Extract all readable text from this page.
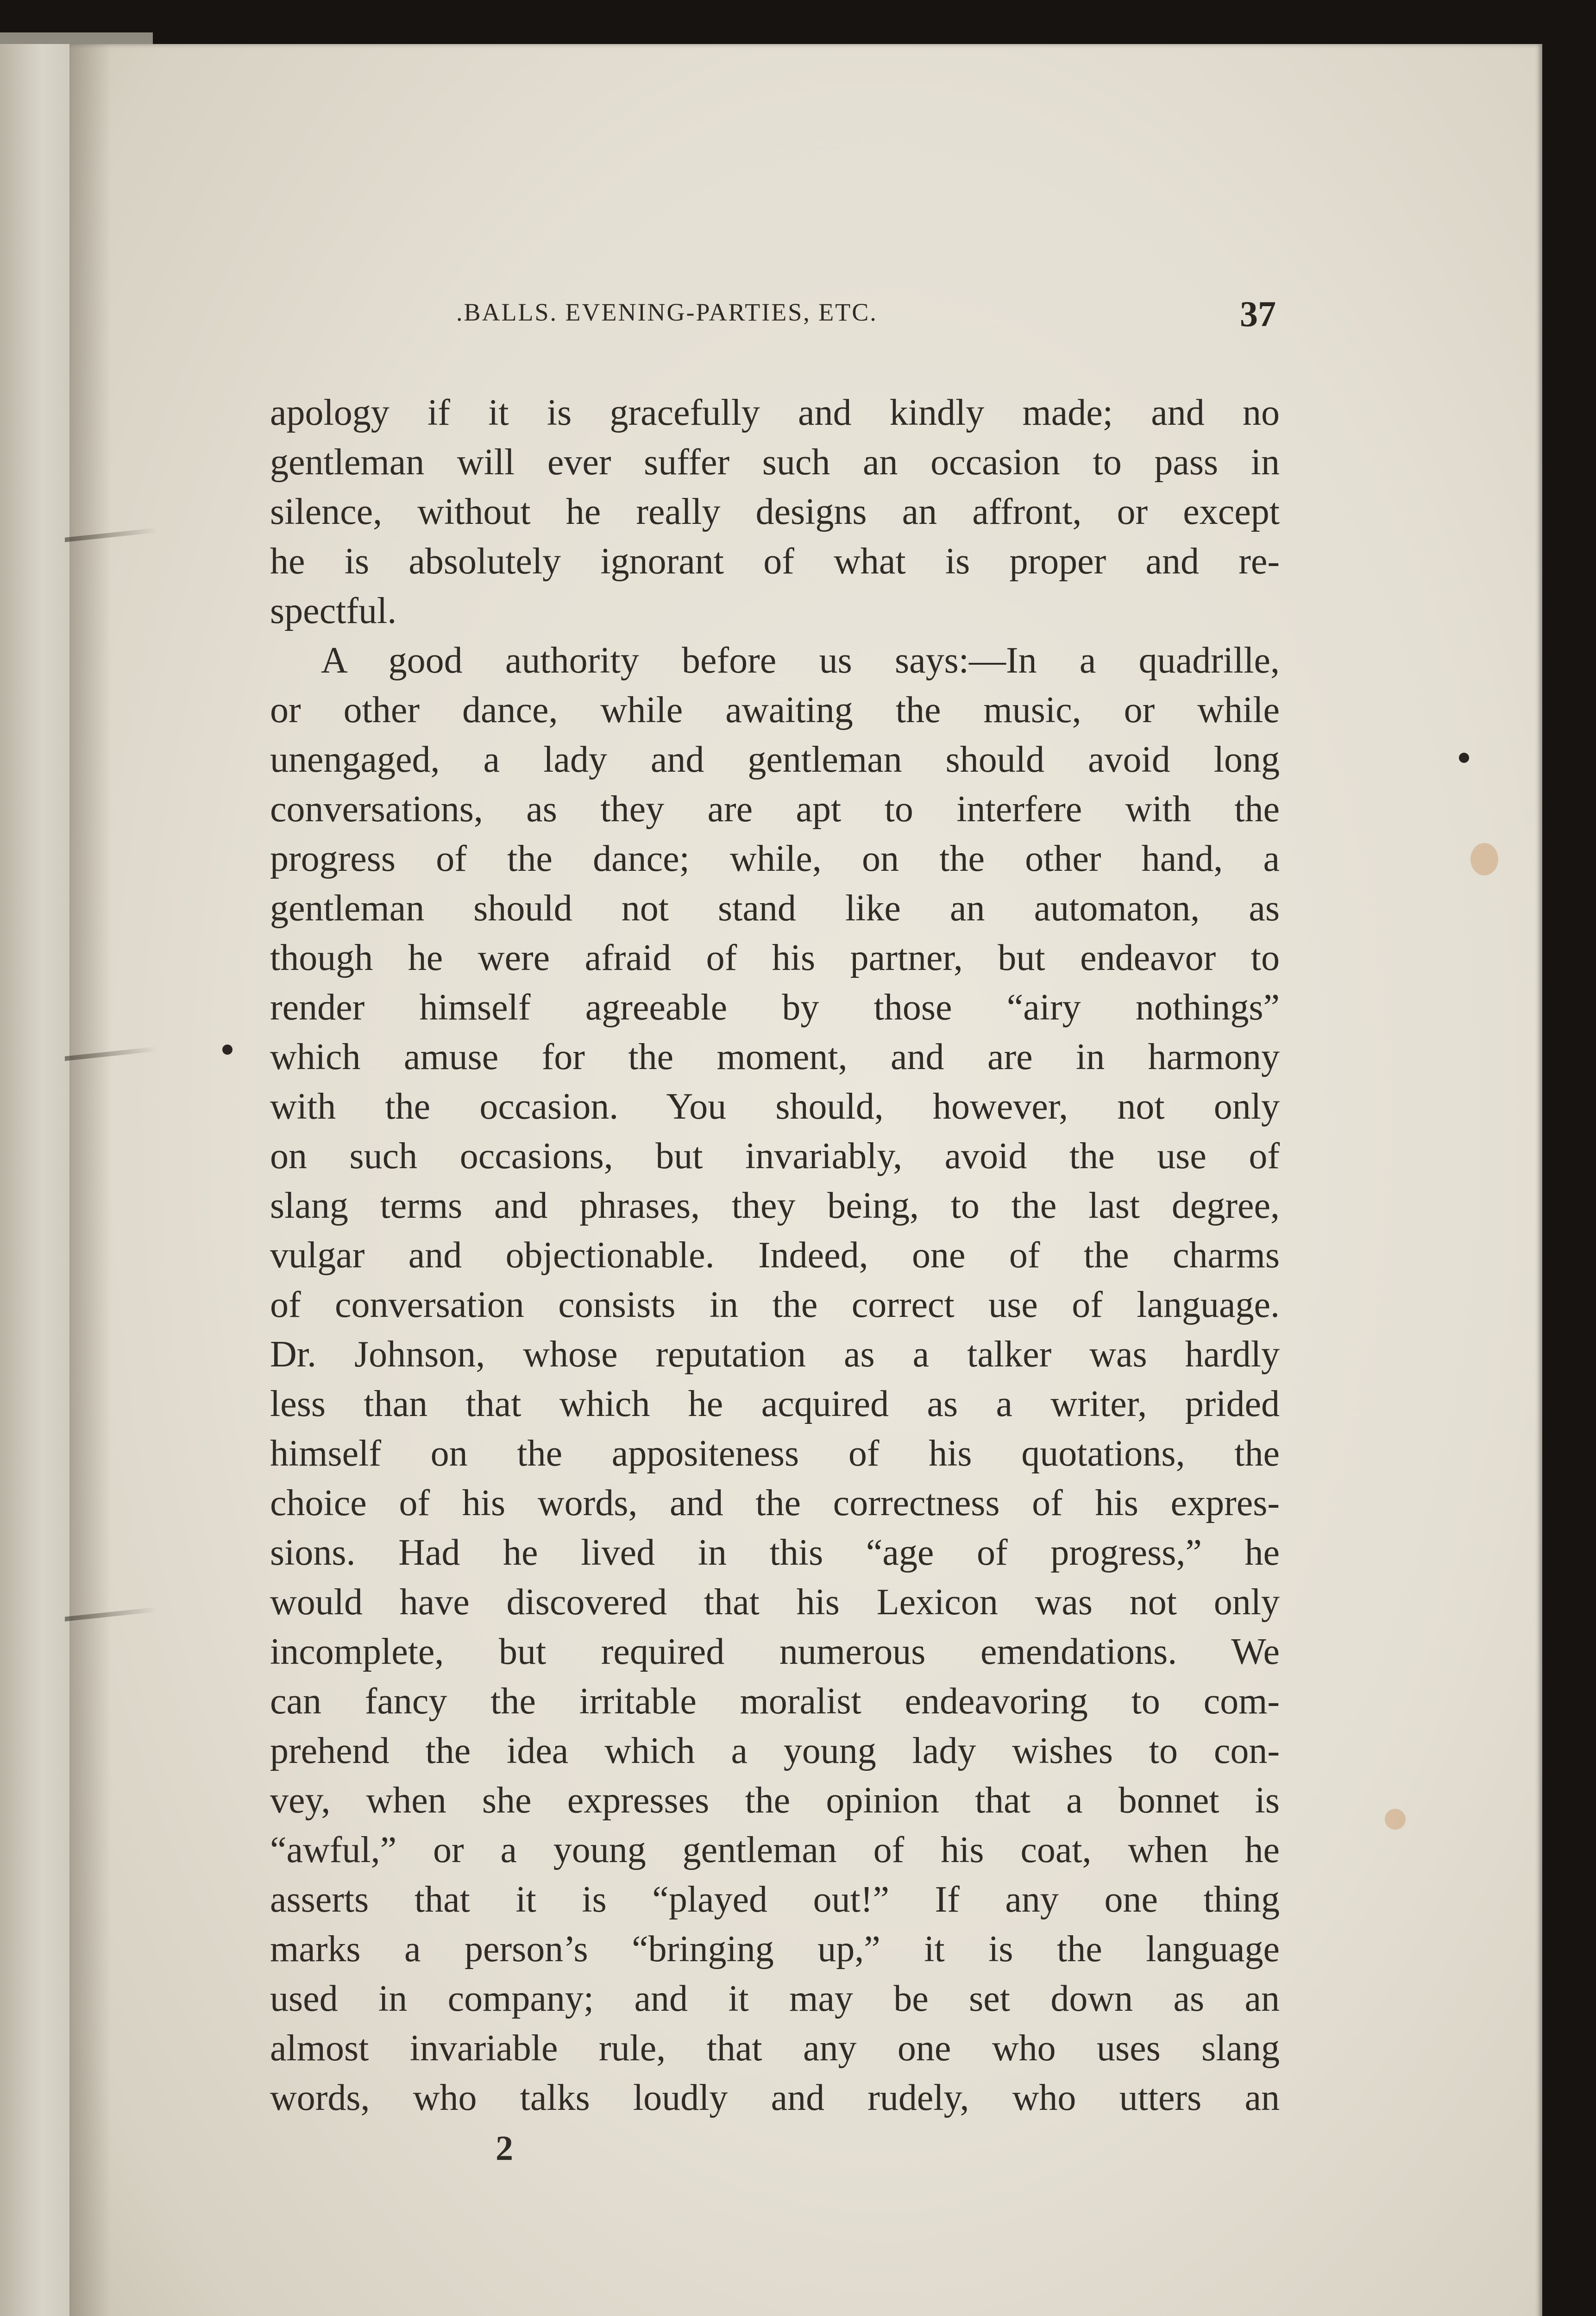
.BALLS. EVENING-PARTIES, ETC.	37
apology if it is gracefully and kindly made; and no
gentleman will ever suffer such an occasion to pass in
silence, without he really designs an affront, or except
he is absolutely ignorant of what is proper and re-
spectful.
A good authority before us says:—In a quadrille,
or other dance, while awaiting the music, or while
unengaged, a lady and gentleman should avoid long
conversations, as they are apt to interfere with the
progress of the dance; while, on the other hand, a
gentleman should not stand like an automaton, as
though he were afraid of his partner, but endeavor to
render himself agreeable by those “airy nothings”
which amuse for the moment, and are in harmony
with the occasion. You should, however, not only
on such occasions, but invariably, avoid the use of
slang terms and phrases, they being, to the last degree,
vulgar and objectionable. Indeed, one of the charms
of conversation consists in the correct use of language.
Dr. Johnson, whose reputation as a talker was hardly
less than that which he acquired as a writer, prided
himself on the appositeness of his quotations, the
choice of his words, and the correctness of his expres-
sions. Had he lived in this “age of progress,” he
would have discovered that his Lexicon was not only
incomplete, but required numerous emendations. We
can fancy the irritable moralist endeavoring to com-
prehend the idea which a young lady wishes to con-
vey, when she expresses the opinion that a bonnet is
“awful,” or a young gentleman of his coat, when he
asserts that it is “played out!” If any one thing
marks a person’s “bringing up,” it is the language
used in company; and it may be set down as an
almost invariable rule, that any one who uses slang
words, who talks loudly and rudely, who utters an
2
